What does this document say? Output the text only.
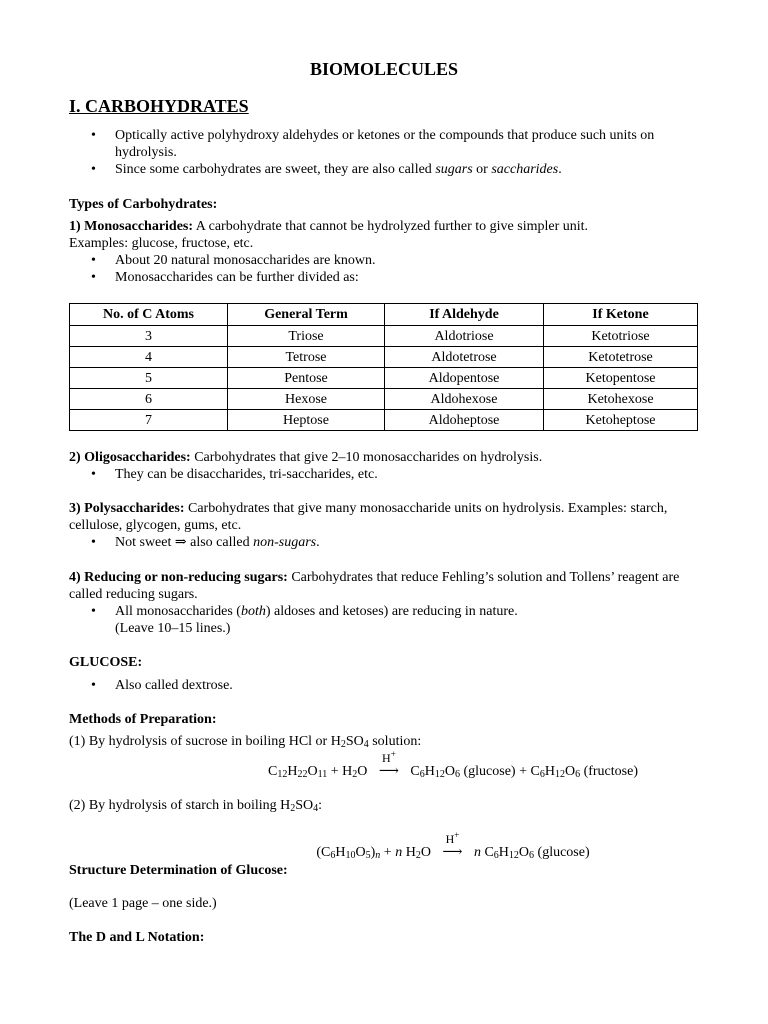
BIOMOLECULES
I. CARBOHYDRATES
• Optically active polyhydroxy aldehydes or ketones or the compounds that produce such units on hydrolysis.
• Since some carbohydrates are sweet, they are also called sugars or saccharides.
Types of Carbohydrates:
1) Monosaccharides: A carbohydrate that cannot be hydrolyzed further to give simpler unit.
Examples: glucose, fructose, etc.
• About 20 natural monosaccharides are known.
• Monosaccharides can be further divided as:
No. of C Atoms	General Term	If Aldehyde	If Ketone
3	Triose	Aldotriose	Ketotriose
4	Tetrose	Aldotetrose	Ketotetrose
5	Pentose	Aldopentose	Ketopentose
6	Hexose	Aldohexose	Ketohexose
7	Heptose	Aldoheptose	Ketoheptose
2) Oligosaccharides: Carbohydrates that give 2–10 monosaccharides on hydrolysis.
• They can be disaccharides, tri-saccharides, etc.
3) Polysaccharides: Carbohydrates that give many monosaccharide units on hydrolysis. Examples: starch, cellulose, glycogen, gums, etc.
• Not sweet ⇒ also called non-sugars.
4) Reducing or non-reducing sugars: Carbohydrates that reduce Fehling’s solution and Tollens’ reagent are called reducing sugars.
• All monosaccharides (both) aldoses and ketoses) are reducing in nature.
(Leave 10–15 lines.)
GLUCOSE:
• Also called dextrose.
Methods of Preparation:
(1) By hydrolysis of sucrose in boiling HCl or $H_2SO_4$ solution:
$C_{12}H_{22}O_{11} + H_2O$
H+
⟶ $C_6H_{12}O_6$ $(glucose) + C_6H_{12}O_6$ (fructose)
(2) By hydrolysis of starch in boiling $H_2SO_4$:
$(C_6H_{10}O_5)_n + n$ $H_2O$
H+
⟶ n $C_6H_{12}O_6$ (glucose)
Structure Determination of Glucose:
(Leave 1 page – one side.)
The D and L Notation:
